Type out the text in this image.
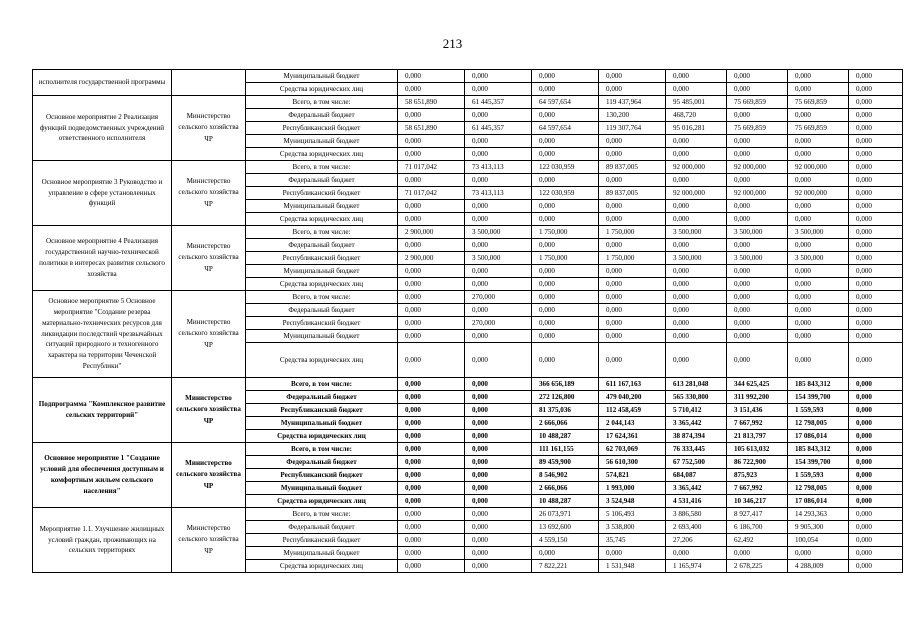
213
исполнителя государственной программы		Муниципальный бюджет	0,000	0,000	0,000	0,000	0,000	0,000	0,000	0,000
		Средства юридических лиц	0,000	0,000	0,000	0,000	0,000	0,000	0,000	0,000
Основное мероприятие 2 Реализация функций подведомственных учреждений ответственного исполнителя	Министерство сельского хозяйства ЧР	Всего, в том числе:	58 651,890	61 445,357	64 597,654	119 437,964	95 485,001	75 669,859	75 669,859	0,000
		Федеральный бюджет	0,000	0,000	0,000	130,200	468,720	0,000	0,000	0,000
		Республиканский бюджет	58 651,890	61 445,357	64 597,654	119 307,764	95 016,281	75 669,859	75 669,859	0,000
		Муниципальный бюджет	0,000	0,000	0,000	0,000	0,000	0,000	0,000	0,000
		Средства юридических лиц	0,000	0,000	0,000	0,000	0,000	0,000	0,000	0,000
Основное мероприятие 3 Руководство и управление в сфере установленных функций	Министерство сельского хозяйства ЧР	Всего, в том числе:	71 017,042	73 413,113	122 030,959	89 837,005	92 000,000	92 000,000	92 000,000	0,000
		Федеральный бюджет	0,000	0,000	0,000	0,000	0,000	0,000	0,000	0,000
		Республиканский бюджет	71 017,042	73 413,113	122 030,959	89 837,005	92 000,000	92 000,000	92 000,000	0,000
		Муниципальный бюджет	0,000	0,000	0,000	0,000	0,000	0,000	0,000	0,000
		Средства юридических лиц	0,000	0,000	0,000	0,000	0,000	0,000	0,000	0,000
Основное мероприятие 4 Реализация государственной научно-технической политики в интересах развития сельского хозяйства	Министерство сельского хозяйства ЧР	Всего, в том числе:	2 900,000	3 500,000	1 750,000	1 750,000	3 500,000	3 500,000	3 500,000	0,000
		Федеральный бюджет	0,000	0,000	0,000	0,000	0,000	0,000	0,000	0,000
		Республиканский бюджет	2 900,000	3 500,000	1 750,000	1 750,000	3 500,000	3 500,000	3 500,000	0,000
		Муниципальный бюджет	0,000	0,000	0,000	0,000	0,000	0,000	0,000	0,000
		Средства юридических лиц	0,000	0,000	0,000	0,000	0,000	0,000	0,000	0,000
Основное мероприятие 5 Основное мероприятие "Создание резерва материально-технических ресурсов для ликвидации последствий чрезвычайных ситуаций природного и техногенного характера на территории Чеченской Республики"	Министерство сельского хозяйства ЧР	Всего, в том числе:	0,000	270,000	0,000	0,000	0,000	0,000	0,000	0,000
		Федеральный бюджет	0,000	0,000	0,000	0,000	0,000	0,000	0,000	0,000
		Республиканский бюджет	0,000	270,000	0,000	0,000	0,000	0,000	0,000	0,000
		Муниципальный бюджет	0,000	0,000	0,000	0,000	0,000	0,000	0,000	0,000
		Средства юридических лиц	0,000	0,000	0,000	0,000	0,000	0,000	0,000	0,000
Подпрограмма "Комплексное развитие сельских территорий"	Министерство сельского хозяйства ЧР	Всего, в том числе:	0,000	0,000	366 656,189	611 167,163	613 281,048	344 625,425	185 843,312	0,000
		Федеральный бюджет	0,000	0,000	272 126,800	479 040,200	565 330,800	311 992,200	154 399,700	0,000
		Республиканский бюджет	0,000	0,000	81 375,036	112 458,459	5 710,412	3 151,436	1 559,593	0,000
		Муниципальный бюджет	0,000	0,000	2 666,066	2 044,143	3 365,442	7 667,992	12 798,005	0,000
		Средства юридических лиц	0,000	0,000	10 488,287	17 624,361	38 874,394	21 813,797	17 086,014	0,000
Основное мероприятие 1 "Создание условий для обеспечения доступным и комфортным жильем сельского населения"	Министерство сельского хозяйства ЧР	Всего, в том числе:	0,000	0,000	111 161,155	62 703,069	76 333,445	105 613,032	185 843,312	0,000
		Федеральный бюджет	0,000	0,000	89 459,900	56 610,300	67 752,500	86 722,900	154 399,700	0,000
		Республиканский бюджет	0,000	0,000	8 546,902	574,821	684,087	875,923	1 559,593	0,000
		Муниципальный бюджет	0,000	0,000	2 666,066	1 993,000	3 365,442	7 667,992	12 798,005	0,000
		Средства юридических лиц	0,000	0,000	10 488,287	3 524,948	4 531,416	10 346,217	17 086,014	0,000
Мероприятие 1.1. Улучшение жилищных условий граждан, проживающих на сельских территориях	Министерство сельского хозяйства ЧР	Всего, в том числе:	0,000	0,000	26 073,971	5 106,493	3 886,580	8 927,417	14 293,363	0,000
		Федеральный бюджет	0,000	0,000	13 692,600	3 538,800	2 693,400	6 186,700	9 905,300	0,000
		Республиканский бюджет	0,000	0,000	4 559,150	35,745	27,206	62,492	100,054	0,000
		Муниципальный бюджет	0,000	0,000	0,000	0,000	0,000	0,000	0,000	0,000
		Средства юридических лиц	0,000	0,000	7 822,221	1 531,948	1 165,974	2 678,225	4 288,009	0,000
